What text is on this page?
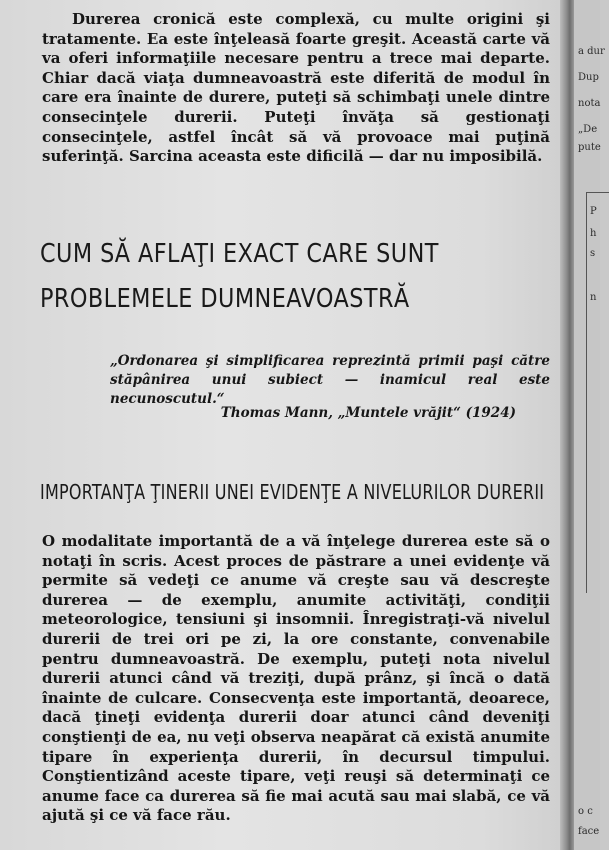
Durerea cronică este complexă, cu multe origini şi tratamente. Ea este înţeleasă foarte greşit. Această carte vă va oferi informaţiile necesare pentru a trece mai departe. Chiar dacă viaţa dumneavoastră este diferită de modul în care era înainte de durere, puteţi să schimbaţi unele dintre consecinţele durerii. Puteţi învăţa să gestionaţi consecinţele, astfel încât să vă provoace mai puţină suferinţă. Sarcina aceasta este dificilă — dar nu imposibilă.

CUM SĂ AFLAŢI EXACT CARE SUNT
PROBLEMELE DUMNEAVOASTRĂ

„Ordonarea şi simplificarea reprezintă primii paşi către stăpânirea unui subiect — inamicul real este necunoscutul.“

Thomas Mann, „Muntele vrăjit“ (1924)

IMPORTANŢA ŢINERII UNEI EVIDENŢE A NIVELURILOR DURERII

O modalitate importantă de a vă înţelege durerea este să o notaţi în scris. Acest proces de păstrare a unei evidenţe vă permite să vedeţi ce anume vă creşte sau vă descreşte durerea — de exemplu, anumite activităţi, condiţii meteorologice, tensiuni şi insomnii. Înregistraţi-vă nivelul durerii de trei ori pe zi, la ore constante, convenabile pentru dumneavoastră. De exemplu, puteţi nota nivelul durerii atunci când vă treziţi, după prânz, şi încă o dată înainte de culcare. Consecvenţa este importantă, deoarece, dacă ţineţi evidenţa durerii doar atunci când deveniţi conştienţi de ea, nu veţi observa neapărat că există anumite tipare în experienţa durerii, în decursul timpului. Conştientizând aceste tipare, veţi reuşi să determinaţi ce anume face ca durerea să fie mai acută sau mai slabă, ce vă ajută şi ce vă face rău.

a dur
Dup
nota
„De
pute
P
h
s
n
o c
face
